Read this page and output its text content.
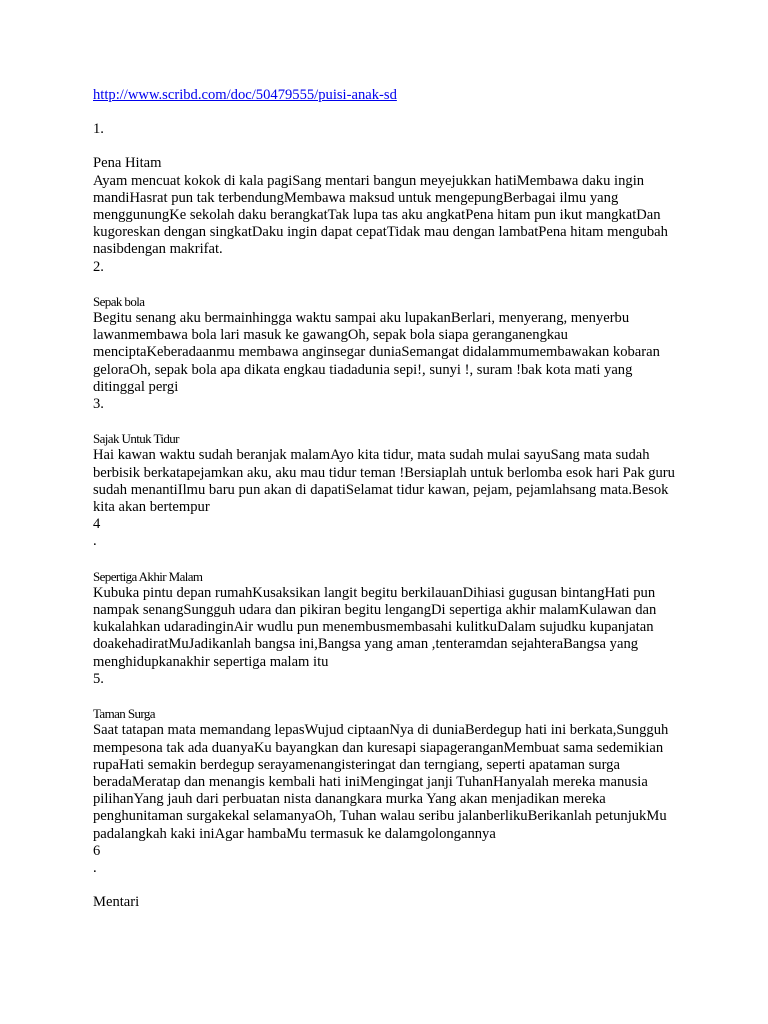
http://www.scribd.com/doc/50479555/puisi-anak-sd
1.
Pena Hitam
Ayam mencuat kokok di kala pagiSang mentari bangun meyejukkan hatiMembawa daku ingin mandiHasrat pun tak terbendungMembawa maksud untuk mengepungBerbagai ilmu yang menggunungKe sekolah daku berangkatTak lupa tas aku angkatPena hitam pun ikut mangkatDan kugoreskan dengan singkatDaku ingin dapat cepatTidak mau dengan lambatPena hitam mengubah nasibdengan makrifat.
2.
Sepak bola
Begitu senang aku bermainhingga waktu sampai aku lupakanBerlari, menyerang, menyerbu lawanmembawa bola lari masuk ke gawangOh, sepak bola siapa geranganengkau menciptaKeberadaanmu membawa anginsegar duniaSemangat didalammumembawakan kobaran geloraOh, sepak bola apa dikata engkau tiadadunia sepi!, sunyi !, suram !bak kota mati yang ditinggal pergi
3.
Sajak Untuk Tidur
Hai kawan waktu sudah beranjak malamAyo kita tidur, mata sudah mulai sayuSang mata sudah berbisik berkatapejamkan aku, aku mau tidur teman !Bersiaplah untuk berlomba esok hari Pak guru sudah menantiIlmu baru pun akan di dapatiSelamat tidur kawan, pejam, pejamlahsang mata.Besok kita akan bertempur
4
.
Sepertiga Akhir Malam
Kubuka pintu depan rumahKusaksikan langit begitu berkilauanDihiasi gugusan bintangHati pun nampak senangSungguh udara dan pikiran begitu lengangDi sepertiga akhir malamKulawan dan kukalahkan udaradinginAir wudlu pun menembusmembasahi kulitkuDalam sujudku kupanjatan doakehadiratMuJadikanlah bangsa ini,Bangsa yang aman ,tenteramdan sejahteraBangsa yang menghidupkanakhir sepertiga malam itu
5.
Taman Surga
Saat tatapan mata memandang lepasWujud ciptaanNya di duniaBerdegup hati ini berkata,Sungguh mempesona tak ada duanyaKu bayangkan dan kuresapi siapageranganMembuat sama sedemikian rupaHati semakin berdegup serayamenangisteringat dan terngiang, seperti apataman surga beradaMeratap dan menangis kembali hati iniMengingat janji TuhanHanyalah mereka manusia pilihanYang jauh dari perbuatan nista danangkara murka Yang akan menjadikan mereka penghunitaman surgakekal selamanyaOh, Tuhan walau seribu jalanberlikuBerikanlah petunjukMu padalangkah kaki iniAgar hambaMu termasuk ke dalamgolongannya
6
.
Mentari
